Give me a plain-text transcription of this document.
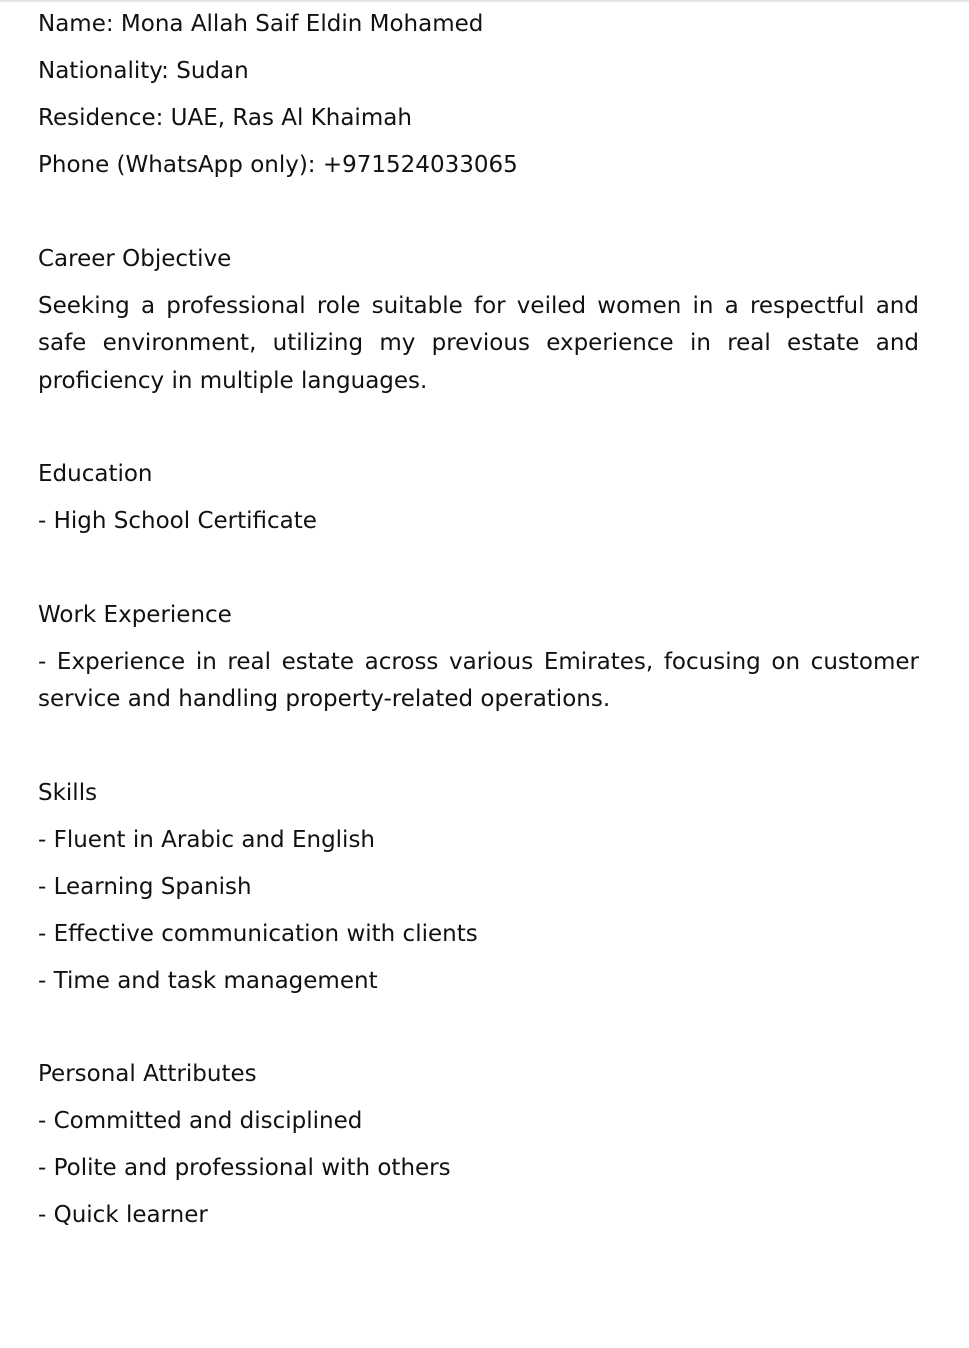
Name: Mona Allah Saif Eldin Mohamed
Nationality: Sudan
Residence: UAE, Ras Al Khaimah
Phone (WhatsApp only): +971524033065
Career Objective
Seeking a professional role suitable for veiled women in a respectful and safe environment, utilizing my previous experience in real estate and proficiency in multiple languages.
Education
- High School Certificate
Work Experience
- Experience in real estate across various Emirates, focusing on customer service and handling property-related operations.
Skills
- Fluent in Arabic and English
- Learning Spanish
- Effective communication with clients
- Time and task management
Personal Attributes
- Committed and disciplined
- Polite and professional with others
- Quick learner
